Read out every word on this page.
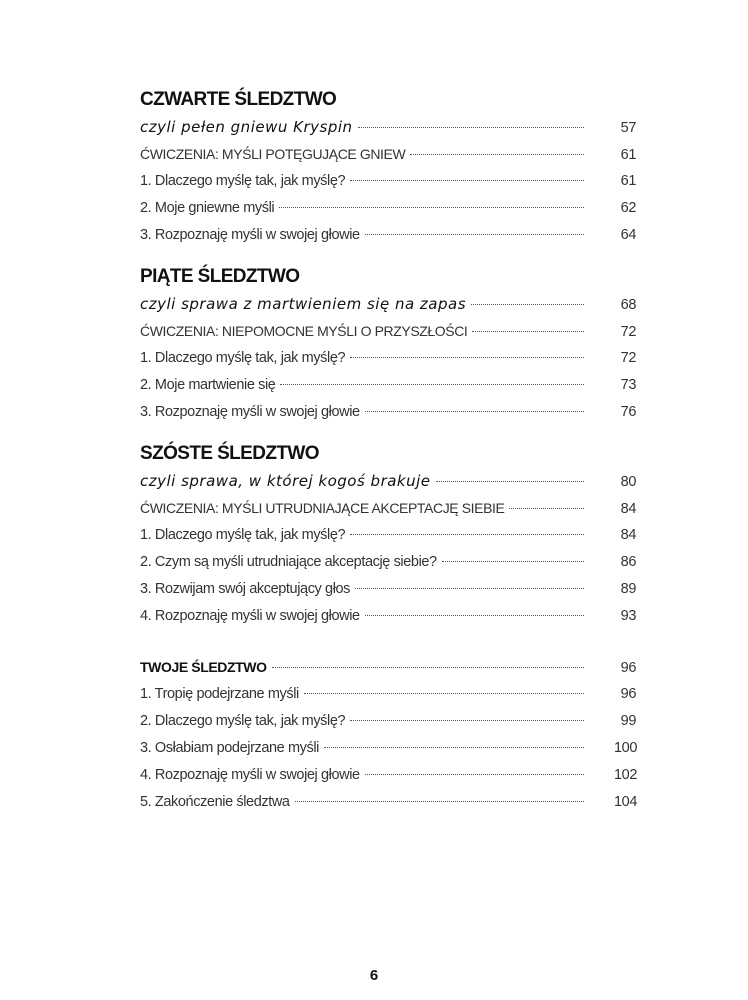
CZWARTE ŚLEDZTWO
czyli pełen gniewu Kryspin	57
ĆWICZENIA: MYŚLI POTĘGUJĄCE GNIEW	61
1. Dlaczego myślę tak, jak myślę?	61
2. Moje gniewne myśli	62
3. Rozpoznaję myśli w swojej głowie	64
PIĄTE ŚLEDZTWO
czyli sprawa z martwieniem się na zapas	68
ĆWICZENIA: NIEPOMOCNE MYŚLI O PRZYSZŁOŚCI	72
1. Dlaczego myślę tak, jak myślę?	72
2. Moje martwienie się	73
3. Rozpoznaję myśli w swojej głowie	76
SZÓSTE ŚLEDZTWO
czyli sprawa, w której kogoś brakuje	80
ĆWICZENIA: MYŚLI UTRUDNIAJĄCE AKCEPTACJĘ SIEBIE	84
1. Dlaczego myślę tak, jak myślę?	84
2. Czym są myśli utrudniające akceptację siebie?	86
3. Rozwijam swój akceptujący głos	89
4. Rozpoznaję myśli w swojej głowie	93
TWOJE ŚLEDZTWO	96
1. Tropię podejrzane myśli	96
2. Dlaczego myślę tak, jak myślę?	99
3. Osłabiam podejrzane myśli	100
4. Rozpoznaję myśli w swojej głowie	102
5. Zakończenie śledztwa	104
6
